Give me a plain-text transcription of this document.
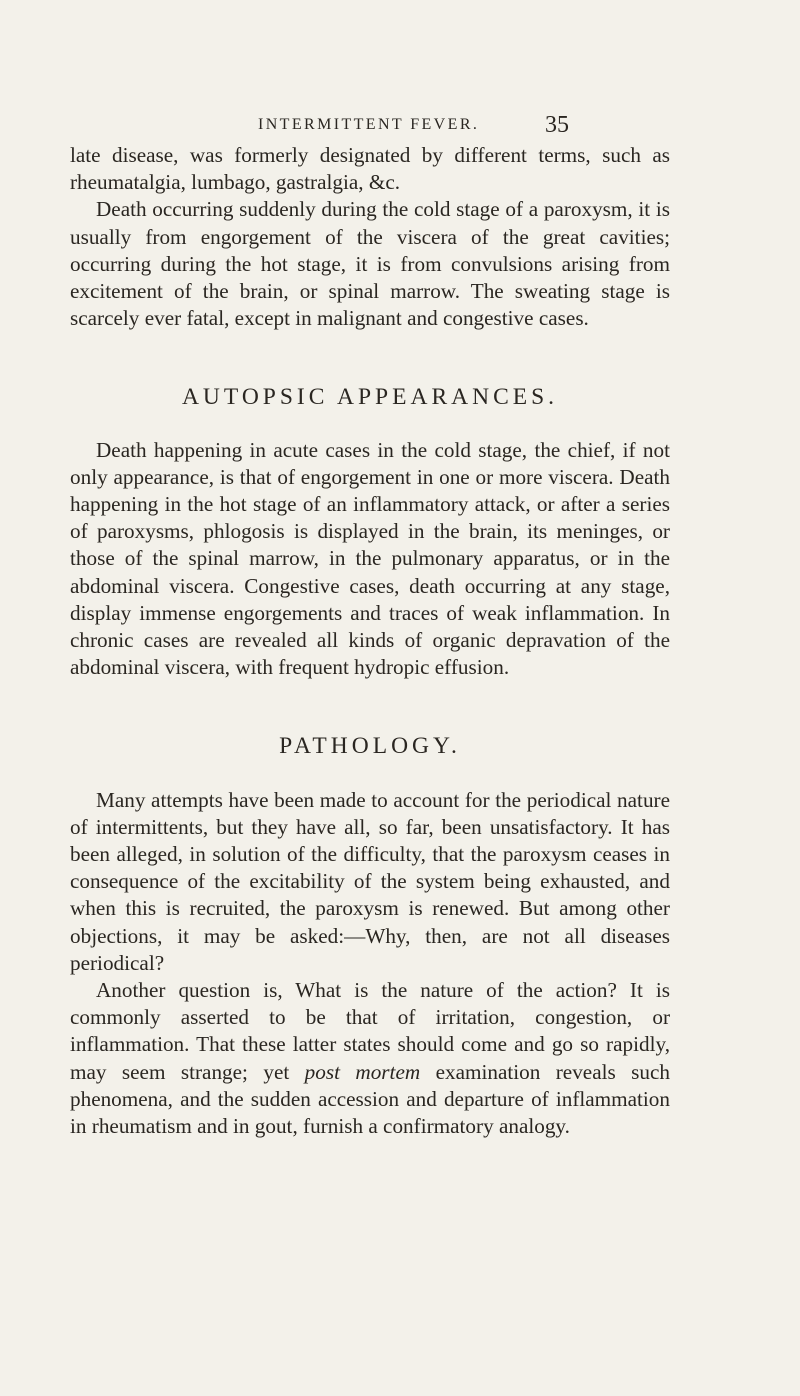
INTERMITTENT FEVER.	35

late disease, was formerly designated by different terms, such as rheumatalgia, lumbago, gastralgia, &c.

Death occurring suddenly during the cold stage of a paroxysm, it is usually from engorgement of the viscera of the great cavities; occurring during the hot stage, it is from convulsions arising from excitement of the brain, or spinal marrow. The sweating stage is scarcely ever fatal, except in malignant and congestive cases.

AUTOPSIC APPEARANCES.

Death happening in acute cases in the cold stage, the chief, if not only appearance, is that of engorgement in one or more viscera. Death happening in the hot stage of an inflammatory attack, or after a series of paroxysms, phlogosis is displayed in the brain, its meninges, or those of the spinal marrow, in the pulmonary apparatus, or in the abdominal viscera. Congestive cases, death occurring at any stage, display immense engorgements and traces of weak inflammation. In chronic cases are revealed all kinds of organic depravation of the abdominal viscera, with frequent hydropic effusion.

PATHOLOGY.

Many attempts have been made to account for the periodical nature of intermittents, but they have all, so far, been unsatisfactory. It has been alleged, in solution of the difficulty, that the paroxysm ceases in consequence of the excitability of the system being exhausted, and when this is recruited, the paroxysm is renewed. But among other objections, it may be asked:—Why, then, are not all diseases periodical?

Another question is, What is the nature of the action? It is commonly asserted to be that of irritation, congestion, or inflammation. That these latter states should come and go so rapidly, may seem strange; yet post mortem examination reveals such phenomena, and the sudden accession and departure of inflammation in rheumatism and in gout, furnish a confirmatory analogy.
